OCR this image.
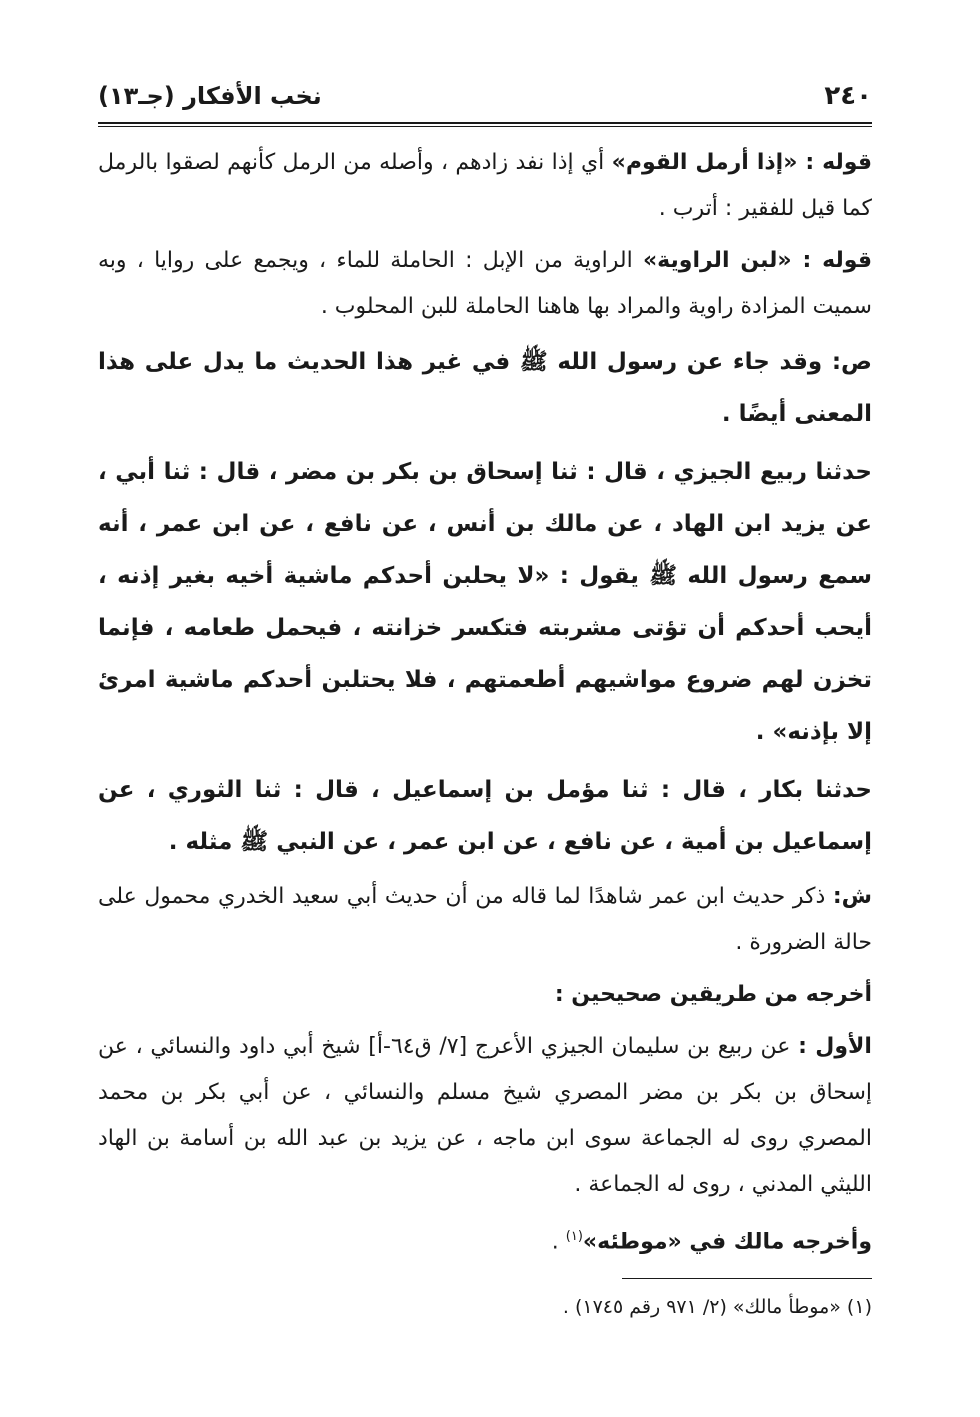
٢٤٠
نخب الأفكار (جـ١٣)

قوله : «إذا أرمل القوم» أي إذا نفد زادهم ، وأصله من الرمل كأنهم لصقوا بالرمل كما قيل للفقير : أترب .

قوله : «لبن الراوية» الراوية من الإبل : الحاملة للماء ، ويجمع على روايا ، وبه سميت المزادة راوية والمراد بها هاهنا الحاملة للبن المحلوب .

ص: وقد جاء عن رسول الله ﷺ في غير هذا الحديث ما يدل على هذا المعنى أيضًا .

حدثنا ربيع الجيزي ، قال : ثنا إسحاق بن بكر بن مضر ، قال : ثنا أبي ، عن يزيد ابن الهاد ، عن مالك بن أنس ، عن نافع ، عن ابن عمر ، أنه سمع رسول الله ﷺ يقول : «لا يحلبن أحدكم ماشية أخيه بغير إذنه ، أيحب أحدكم أن تؤتى مشربته فتكسر خزانته ، فيحمل طعامه ، فإنما تخزن لهم ضروع مواشيهم أطعمتهم ، فلا يحتلبن أحدكم ماشية امرئ إلا بإذنه» .

حدثنا بكار ، قال : ثنا مؤمل بن إسماعيل ، قال : ثنا الثوري ، عن إسماعيل بن أمية ، عن نافع ، عن ابن عمر ، عن النبي ﷺ مثله .

ش: ذكر حديث ابن عمر شاهدًا لما قاله من أن حديث أبي سعيد الخدري محمول على حالة الضرورة .

أخرجه من طريقين صحيحين :

الأول : عن ربيع بن سليمان الجيزي الأعرج [٧/ ق٦٤-أ] شيخ أبي داود والنسائي ، عن إسحاق بن بكر بن مضر المصري شيخ مسلم والنسائي ، عن أبي بكر بن محمد المصري روى له الجماعة سوى ابن ماجه ، عن يزيد بن عبد الله بن أسامة بن الهاد الليثي المدني ، روى له الجماعة .

وأخرجه مالك في «موطئه»$^{(١)}$ .

(١) «موطأ مالك» (٢/ ٩٧١ رقم ١٧٤٥) .
